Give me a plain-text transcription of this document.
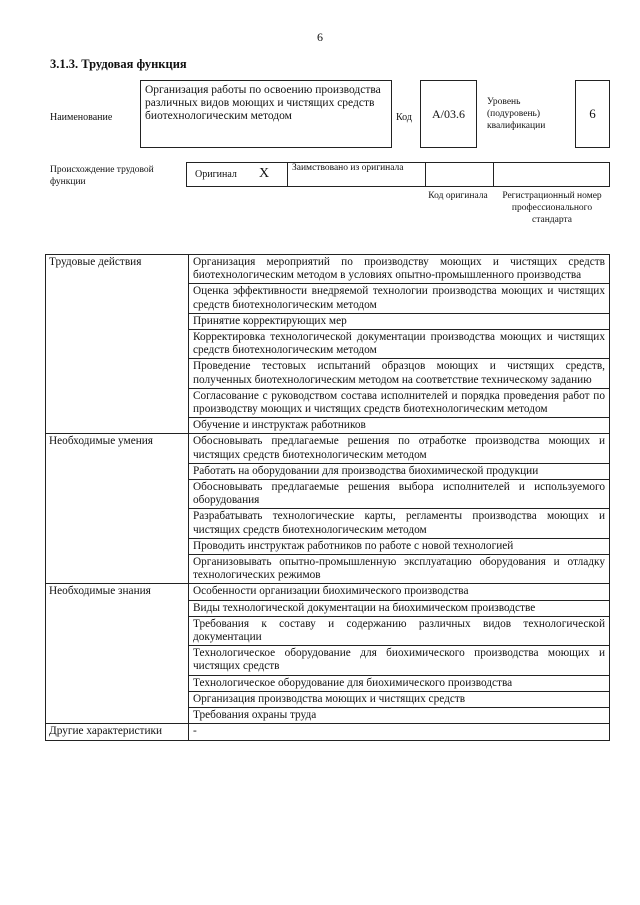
6
3.1.3. Трудовая функция
Наименование
Организация работы по освоению производства различных видов моющих и чистящих средств биотехнологическим методом	Код А/03.6
Уровень (подуровень) квалификации
6
Происхождение трудовой функции
Оригинал X Заимствовано из оригинала
Код оригинала	Регистрационный номер профессионального стандарта
Трудовые действия	Организация мероприятий по производству моющих и чистящих средств биотехнологическим методом в условиях опытно-промышленного производства
	Оценка эффективности внедряемой технологии производства моющих и чистящих средств биотехнологическим методом
	Принятие корректирующих мер
	Корректировка технологической документации производства моющих и чистящих средств биотехнологическим методом
	Проведение тестовых испытаний образцов моющих и чистящих средств, полученных биотехнологическим методом на соответствие техническому заданию
	Согласование с руководством состава исполнителей и порядка проведения работ по производству моющих и чистящих средств биотехнологическим методом
	Обучение и инструктаж работников
Необходимые умения	Обосновывать предлагаемые решения по отработке производства моющих и чистящих средств биотехнологическим методом
	Работать на оборудовании для производства биохимической продукции
	Обосновывать предлагаемые решения выбора исполнителей и используемого оборудования
	Разрабатывать технологические карты, регламенты производства моющих и чистящих средств биотехнологическим методом
	Проводить инструктаж работников по работе с новой технологией
	Организовывать опытно-промышленную эксплуатацию оборудования и отладку технологических режимов
Необходимые знания	Особенности организации биохимического производства
	Виды технологической документации на биохимическом производстве
	Требования к составу и содержанию различных видов технологической документации
	Технологическое оборудование для биохимического производства моющих и чистящих средств
	Технологическое оборудование для биохимического производства
	Организация производства моющих и чистящих средств
	Требования охраны труда
Другие характеристики	-
